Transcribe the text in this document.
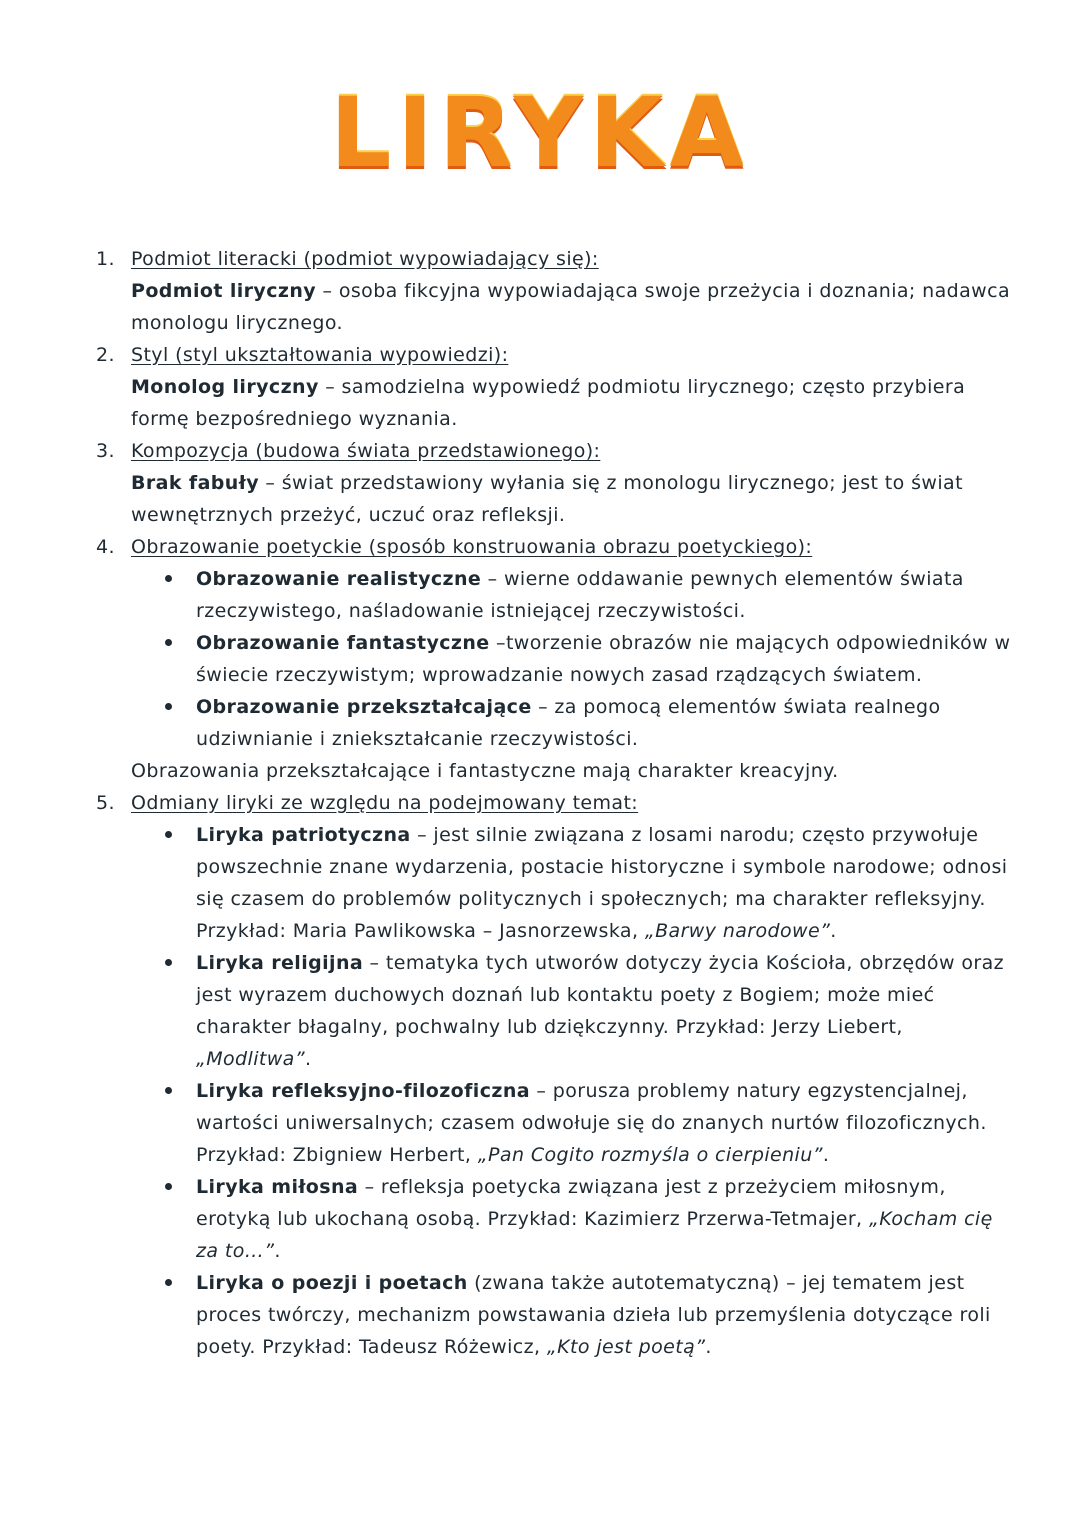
LIRYKA
1. Podmiot literacki (podmiot wypowiadający się):

Podmiot liryczny – osoba fikcyjna wypowiadająca swoje przeżycia i doznania; nadawca monologu lirycznego.

2. Styl (styl ukształtowania wypowiedzi):

Monolog liryczny – samodzielna wypowiedź podmiotu lirycznego; często przybiera formę bezpośredniego wyznania.

3. Kompozycja (budowa świata przedstawionego):

Brak fabuły – świat przedstawiony wyłania się z monologu lirycznego; jest to świat wewnętrznych przeżyć, uczuć oraz refleksji.

4. Obrazowanie poetyckie (sposób konstruowania obrazu poetyckiego):

Obrazowanie realistyczne – wierne oddawanie pewnych elementów świata rzeczywistego, naśladowanie istniejącej rzeczywistości.
Obrazowanie fantastyczne –tworzenie obrazów nie mających odpowiedników w świecie rzeczywistym; wprowadzanie nowych zasad rządzących światem.
Obrazowanie przekształcające – za pomocą elementów świata realnego udziwnianie i zniekształcanie rzeczywistości.

Obrazowania przekształcające i fantastyczne mają charakter kreacyjny.

5. Odmiany liryki ze względu na podejmowany temat:

Liryka patriotyczna – jest silnie związana z losami narodu; często przywołuje powszechnie znane wydarzenia, postacie historyczne i symbole narodowe; odnosi się czasem do problemów politycznych i społecznych; ma charakter refleksyjny. Przykład: Maria Pawlikowska – Jasnorzewska, „Barwy narodowe”.
Liryka religijna – tematyka tych utworów dotyczy życia Kościoła, obrzędów oraz jest wyrazem duchowych doznań lub kontaktu poety z Bogiem; może mieć charakter błagalny, pochwalny lub dziękczynny. Przykład: Jerzy Liebert, „Modlitwa”.
Liryka refleksyjno-filozoficzna – porusza problemy natury egzystencjalnej, wartości uniwersalnych; czasem odwołuje się do znanych nurtów filozoficznych. Przykład: Zbigniew Herbert, „Pan Cogito rozmyśla o cierpieniu”.
Liryka miłosna – refleksja poetycka związana jest z przeżyciem miłosnym, erotyką lub ukochaną osobą. Przykład: Kazimierz Przerwa-Tetmajer, „Kocham cię za to…”.
Liryka o poezji i poetach (zwana także autotematyczną) – jej tematem jest proces twórczy, mechanizm powstawania dzieła lub przemyślenia dotyczące roli poety. Przykład: Tadeusz Różewicz, „Kto jest poetą”.
